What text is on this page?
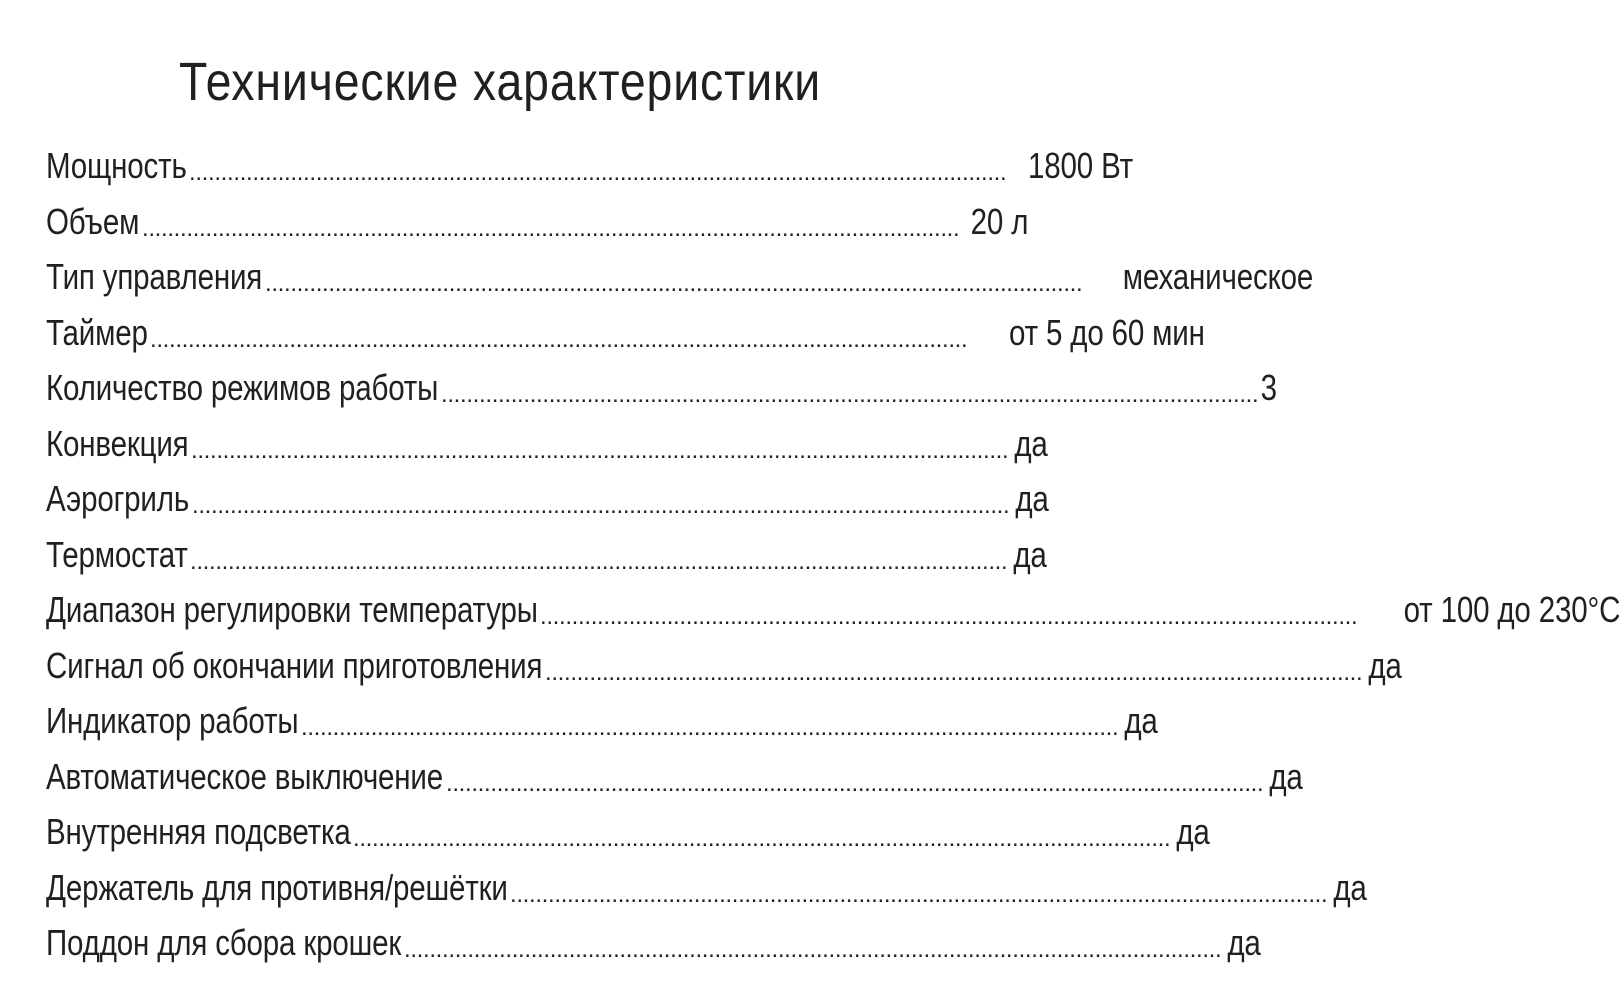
Технические характеристики
Мощность . . .	1800 Вт
Объем . . .	20 л
Тип управления . . .	механическое
Таймер . . .	от 5 до 60 мин
Количество режимов работы . . .	3
Конвекция . . .	да
Аэрогриль . . .	да
Термостат . . .	да
Диапазон регулировки температуры . . .	от 100 до 230°C
Сигнал об окончании приготовления . . .	да
Индикатор работы . . .	да
Автоматическое выключение . . .	да
Внутренняя подсветка . . .	да
Держатель для противня/решётки . . .	да
Поддон для сбора крошек . . .	да
